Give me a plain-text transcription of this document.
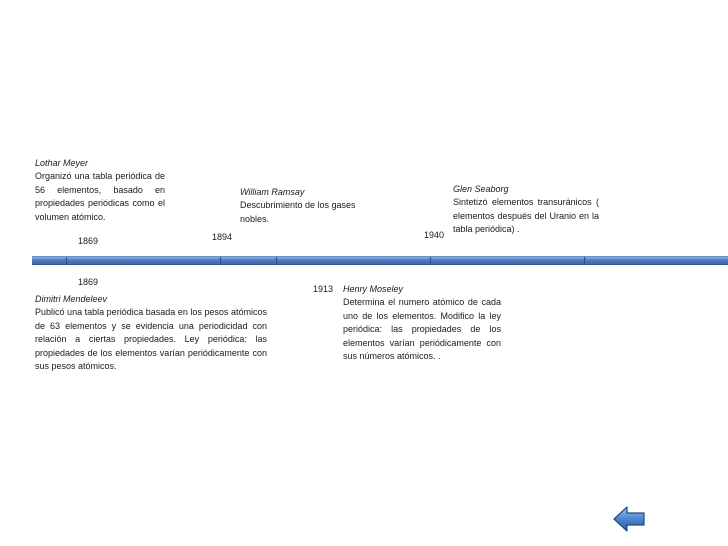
Lothar Meyer
Organizó una tabla periódica de 56 elementos, basado en propiedades periódicas como el volumen atómico.
1869
William Ramsay
Descubrimiento de los gases nobles.
1894
Glen Seaborg
Sintetizó elementos transuránicos ( elementos después del Uranio en la tabla periódica) .
1940
1869
Dimitri Mendeleev
Publicó una tabla periódica basada en los pesos atómicos de 63 elementos y se evidencia una periodicidad con relación a ciertas propiedades. Ley periódica: las propiedades de los elementos varían periódicamente con sus pesos atómicos.
1913 Henry Moseley
Determina el numero atómico de cada uno de los elementos. Modifico la ley periódica: las propiedades de los elementos varían periódicamente con sus números atómicos. .
